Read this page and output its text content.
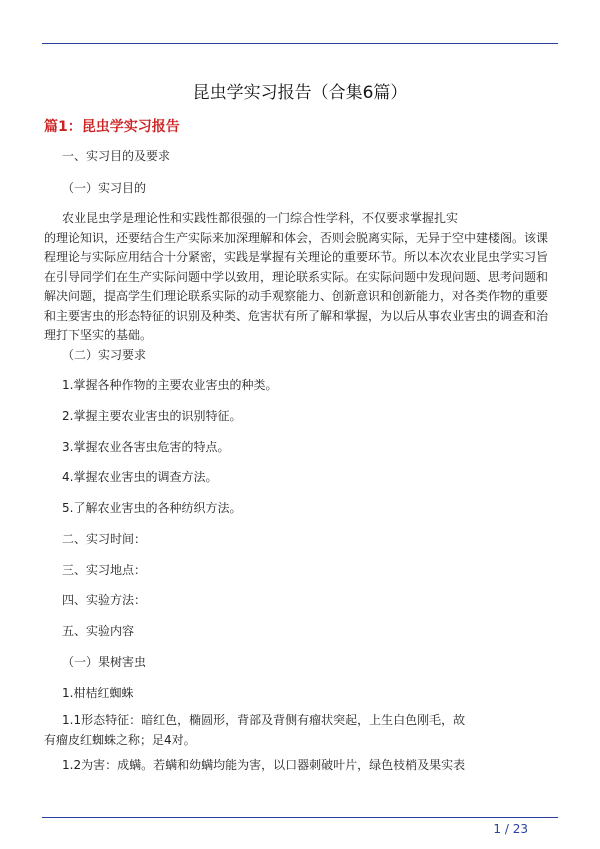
昆虫学实习报告（合集6篇）
篇1：昆虫学实习报告
一、实习目的及要求
（一）实习目的

农业昆虫学是理论性和实践性都很强的一门综合性学科，不仅要求掌握扎实

的理论知识，还要结合生产实际来加深理解和体会，否则会脱离实际，无异于空中建楼阁。该课

程理论与实际应用结合十分紧密，实践是掌握有关理论的重要环节。所以本次农业昆虫学实习旨

在引导同学们在生产实际问题中学以致用，理论联系实际。在实际问题中发现问题、思考问题和

解决问题，提高学生们理论联系实际的动手观察能力、创新意识和创新能力，对各类作物的重要

和主要害虫的形态特征的识别及种类、危害状有所了解和掌握，为以后从事农业害虫的调查和治

理打下坚实的基础。

（二）实习要求
1.掌握各种作物的主要农业害虫的种类。
2.掌握主要农业害虫的识别特征。
3.掌握农业各害虫危害的特点。
4.掌握农业害虫的调查方法。
5.了解农业害虫的各种纺织方法。
二、实习时间：
三、实习地点：
四、实验方法：
五、实验内容
（一）果树害虫
1.柑桔红蜘蛛

1.1形态特征：暗红色，椭圆形，背部及背侧有瘤状突起，上生白色刚毛，故

有瘤皮红蜘蛛之称；足4对。

1.2为害：成螨。若螨和幼螨均能为害，以口器刺破叶片，绿色枝梢及果实表
1 / 23
